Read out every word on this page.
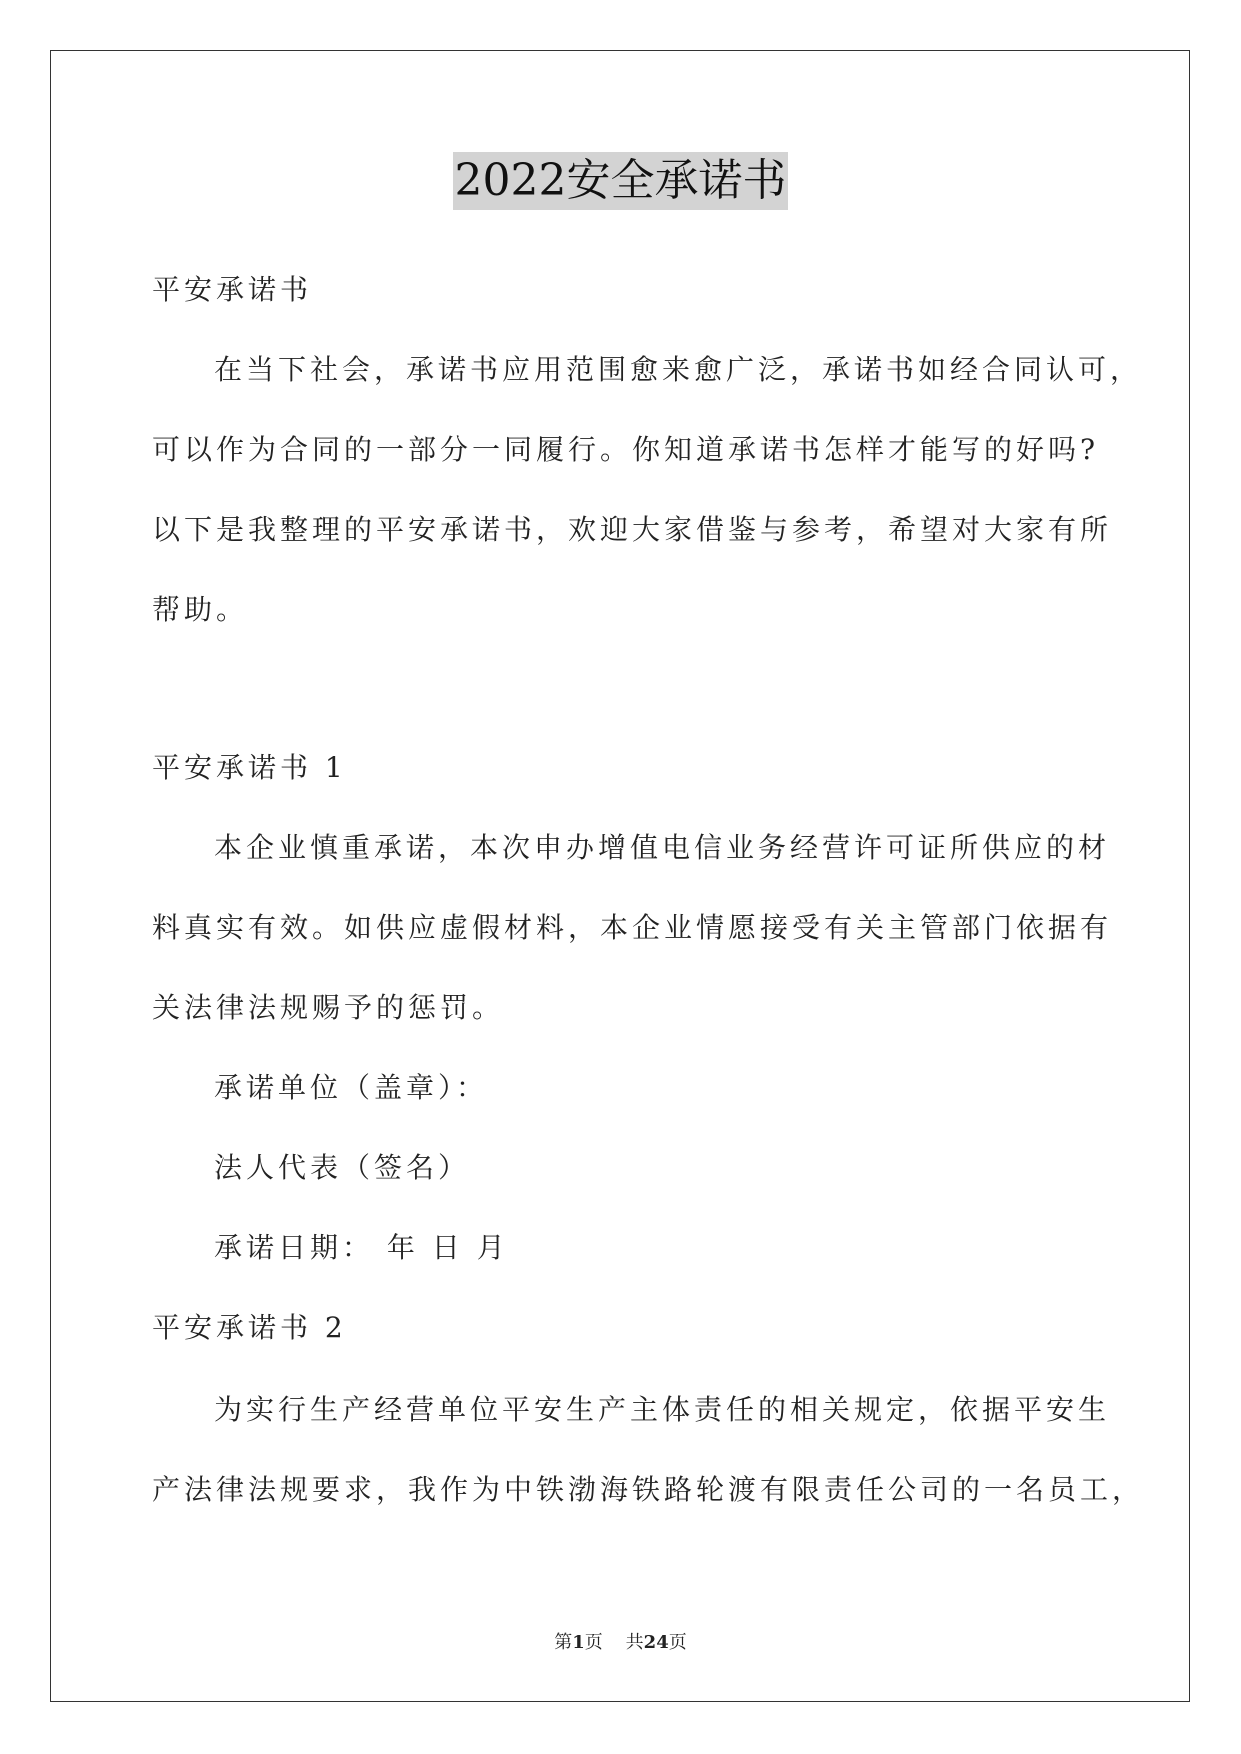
2022安全承诺书
平安承诺书
在当下社会，承诺书应用范围愈来愈广泛，承诺书如经合同认可，
可以作为合同的一部分一同履行。你知道承诺书怎样才能写的好吗?
以下是我整理的平安承诺书，欢迎大家借鉴与参考，希望对大家有所
帮助。
平安承诺书 1
本企业慎重承诺，本次申办增值电信业务经营许可证所供应的材
料真实有效。如供应虚假材料，本企业情愿接受有关主管部门依据有
关法律法规赐予的惩罚。
承诺单位（盖章）：
法人代表（签名）
承诺日期： 年 日 月
平安承诺书 2
为实行生产经营单位平安生产主体责任的相关规定，依据平安生
产法律法规要求，我作为中铁渤海铁路轮渡有限责任公司的一名员工，
第1页    共24页
